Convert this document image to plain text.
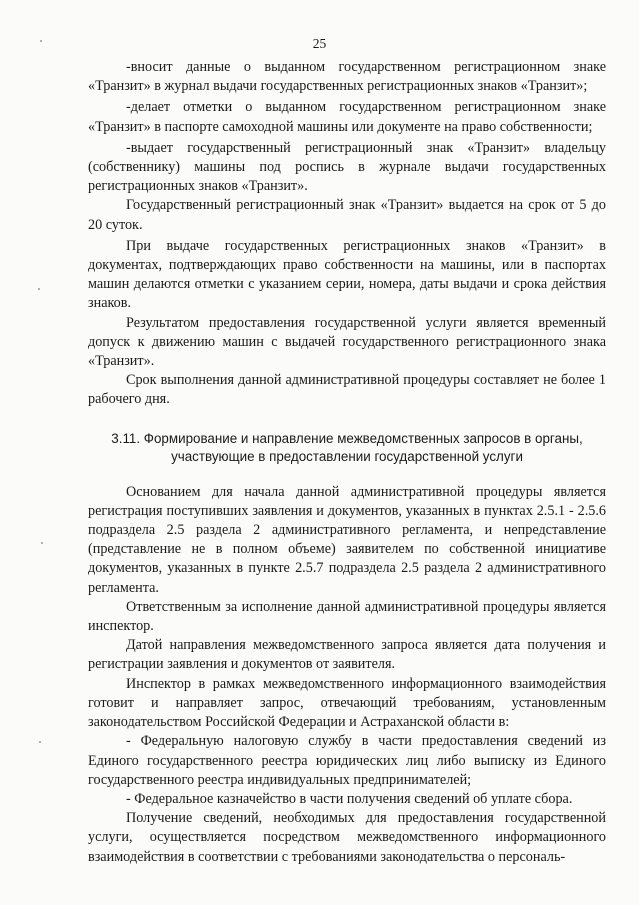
25

-вносит данные о выданном государственном регистрационном знаке «Транзит» в журнал выдачи государственных регистрационных знаков «Транзит»;

-делает отметки о выданном государственном регистрационном знаке «Транзит» в паспорте самоходной машины или документе на право собственности;

-выдает государственный регистрационный знак «Транзит» владельцу (собственнику) машины под роспись в журнале выдачи государственных регистрационных знаков «Транзит».

Государственный регистрационный знак «Транзит» выдается на срок от 5 до 20 суток.

При выдаче государственных регистрационных знаков «Транзит» в документах, подтверждающих право собственности на машины, или в паспортах машин делаются отметки с указанием серии, номера, даты выдачи и срока действия знаков.

Результатом предоставления государственной услуги является временный допуск к движению машин с выдачей государственного регистрационного знака «Транзит».

Срок выполнения данной административной процедуры составляет не более 1 рабочего дня.

3.11. Формирование и направление межведомственных запросов в органы, участвующие в предоставлении государственной услуги

Основанием для начала данной административной процедуры является регистрация поступивших заявления и документов, указанных в пунктах 2.5.1 - 2.5.6 подраздела 2.5 раздела 2 административного регламента, и непредставление (представление не в полном объеме) заявителем по собственной инициативе документов, указанных в пункте 2.5.7 подраздела 2.5 раздела 2 административного регламента.

Ответственным за исполнение данной административной процедуры является инспектор.

Датой направления межведомственного запроса является дата получения и регистрации заявления и документов от заявителя.

Инспектор в рамках межведомственного информационного взаимодействия готовит и направляет запрос, отвечающий требованиям, установленным законодательством Российской Федерации и Астраханской области в:

- Федеральную налоговую службу в части предоставления сведений из Единого государственного реестра юридических лиц либо выписку из Единого государственного реестра индивидуальных предпринимателей;

- Федеральное казначейство в части получения сведений об уплате сбора.

Получение сведений, необходимых для предоставления государственной услуги, осуществляется посредством межведомственного информационного взаимодействия в соответствии с требованиями законодательства о персональ-
